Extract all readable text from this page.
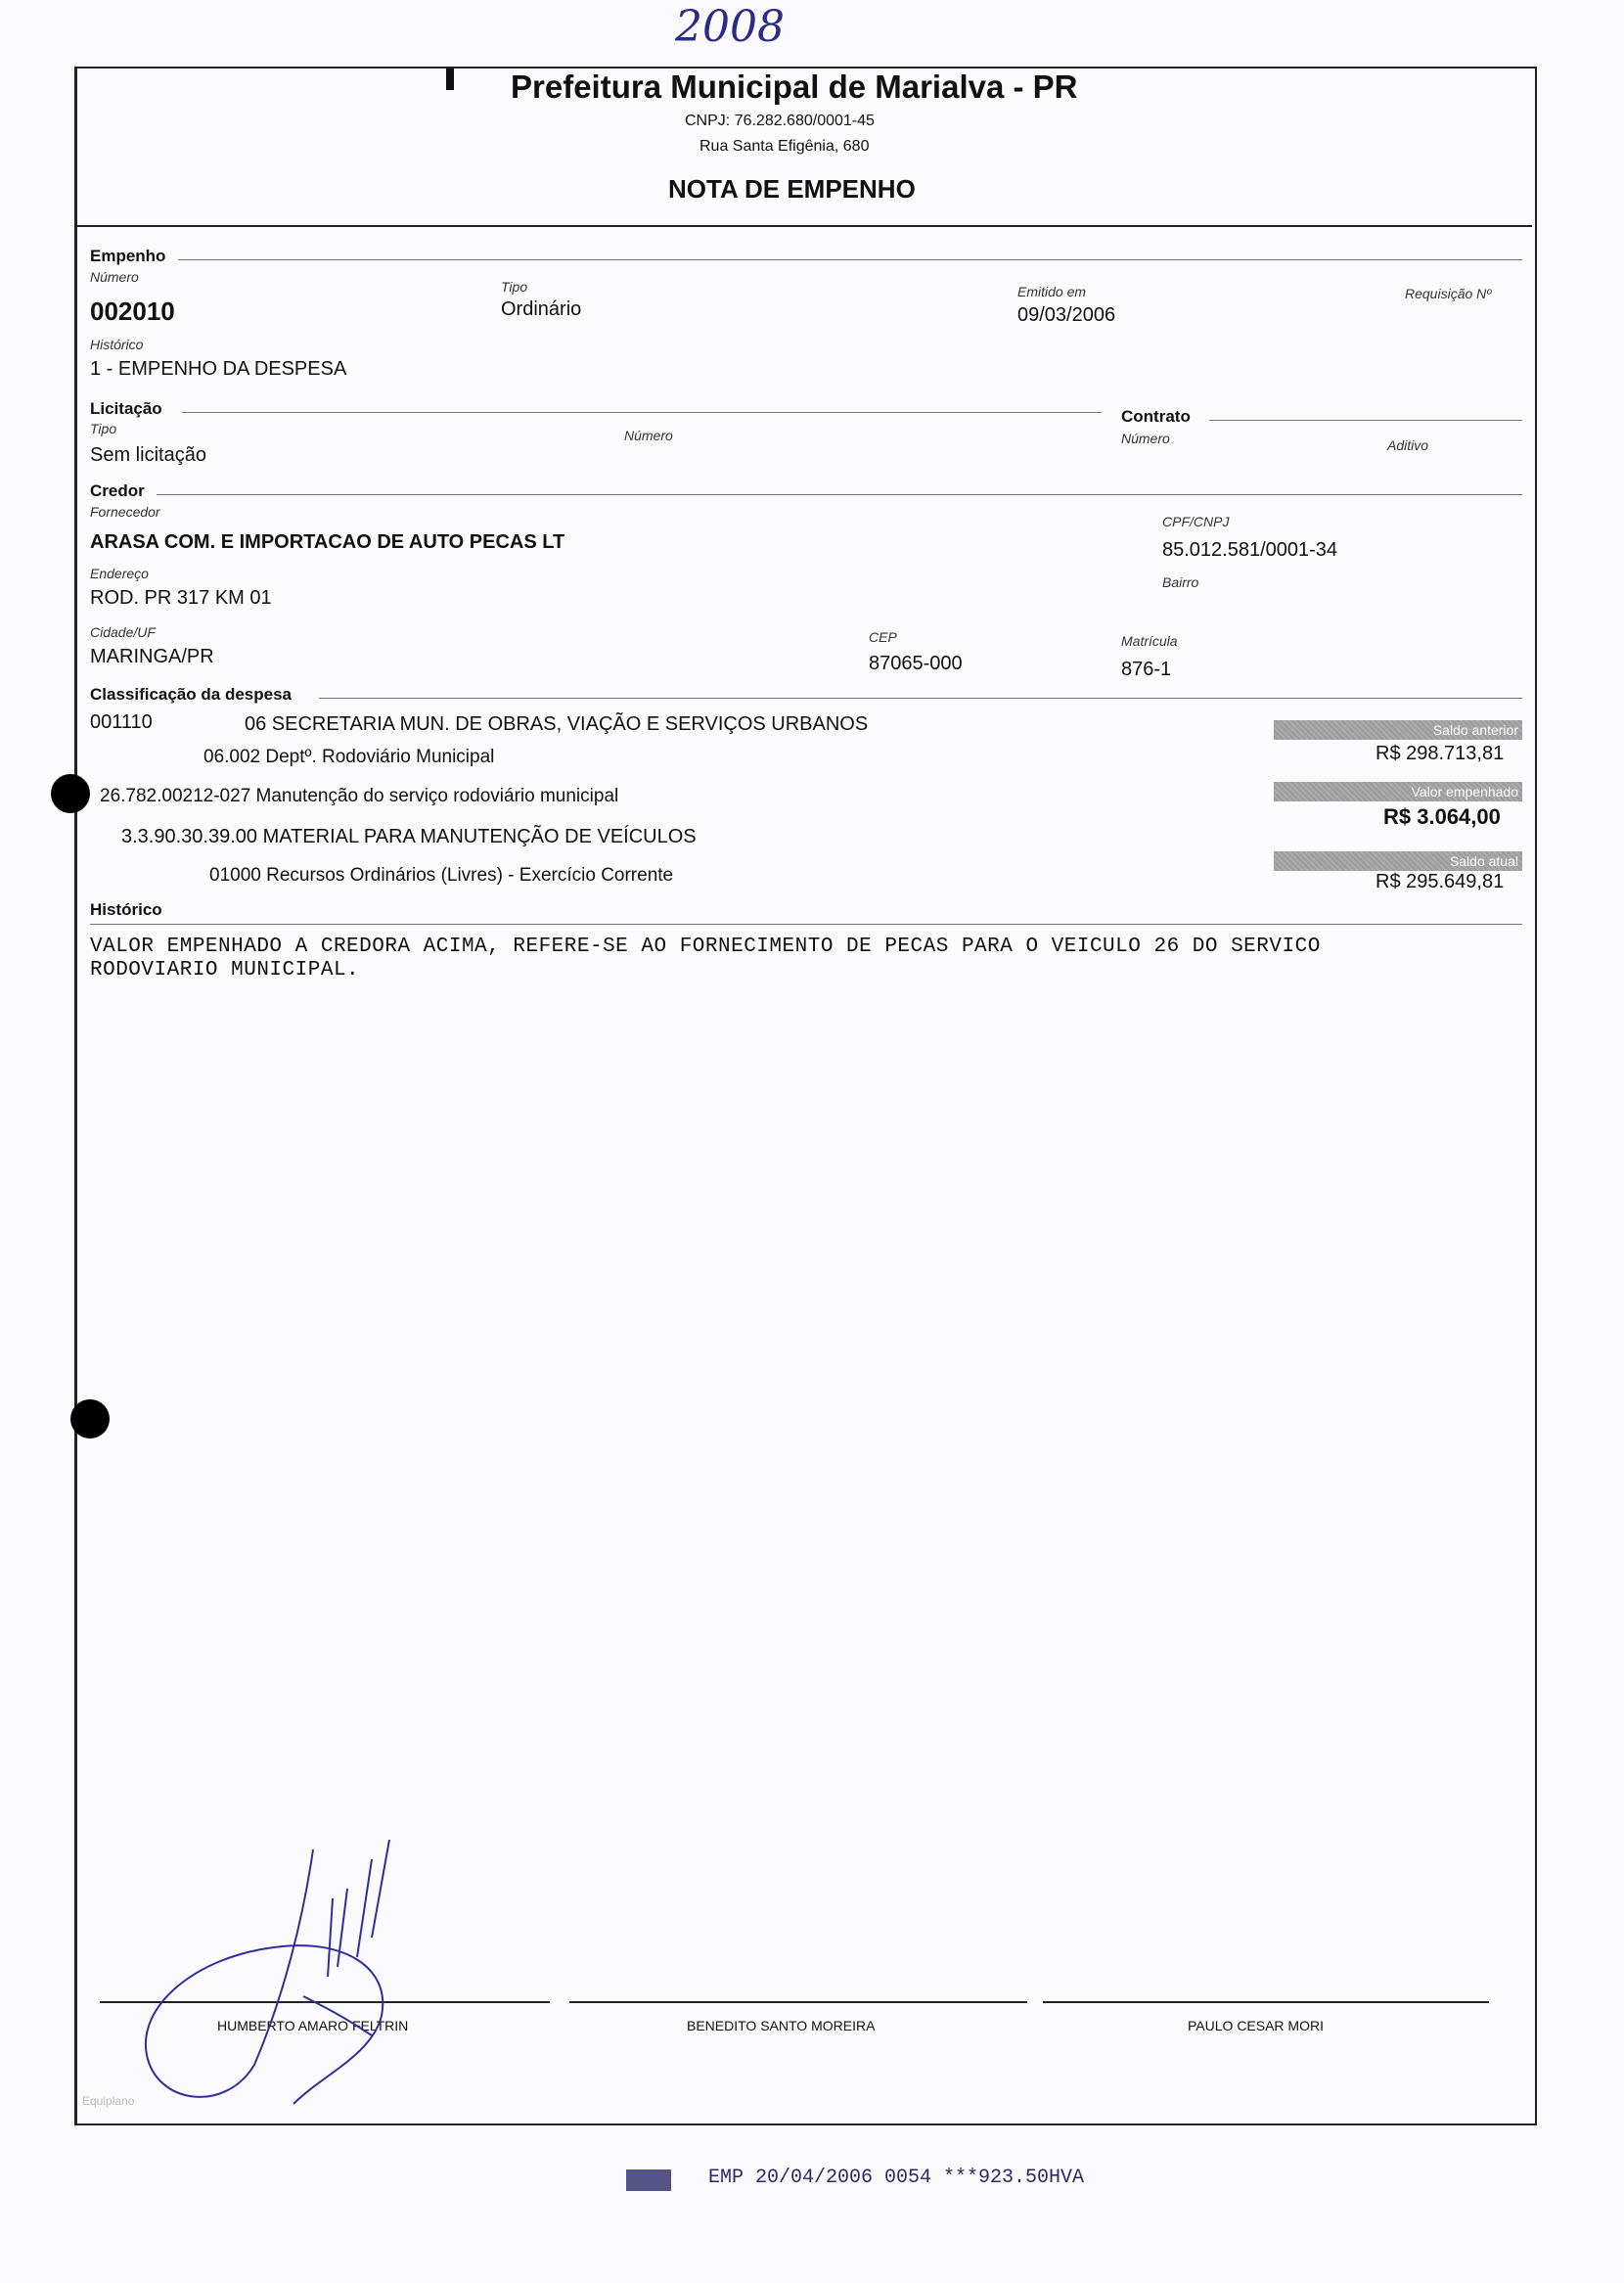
2008
Prefeitura Municipal de Marialva - PR
CNPJ: 76.282.680/0001-45
Rua Santa Efigênia, 680
NOTA DE EMPENHO
Empenho
Número
002010
Tipo
Ordinário
Emitido em
09/03/2006
Requisição Nº
Histórico
1 - EMPENHO DA DESPESA
Licitação
Tipo
Sem licitação
Número
Contrato
Número	Aditivo
Credor
Fornecedor
ARASA COM. E IMPORTACAO DE AUTO PECAS LT
CPF/CNPJ
85.012.581/0001-34
Endereço
ROD. PR 317 KM 01
Bairro
Cidade/UF
MARINGA/PR
CEP
87065-000
Matrícula
876-1
Classificação da despesa
001110	06 SECRETARIA MUN. DE OBRAS, VIAÇÃO E SERVIÇOS URBANOS
06.002 Deptº. Rodoviário Municipal
26.782.00212-027 Manutenção do serviço rodoviário municipal
3.3.90.30.39.00 MATERIAL PARA MANUTENÇÃO DE VEÍCULOS
01000 Recursos Ordinários (Livres) - Exercício Corrente
Saldo anterior
R$ 298.713,81
Valor empenhado
R$ 3.064,00
Saldo atual
R$ 295.649,81
Histórico
VALOR EMPENHADO A CREDORA ACIMA, REFERE-SE AO FORNECIMENTO DE PECAS PARA O VEICULO 26 DO SERVICO
RODOVIARIO MUNICIPAL.
HUMBERTO AMARO FELTRIN	BENEDITO SANTO MOREIRA	PAULO CESAR MORI
Equiplano
EMP 20/04/2006 0054 ***923.50HVA
